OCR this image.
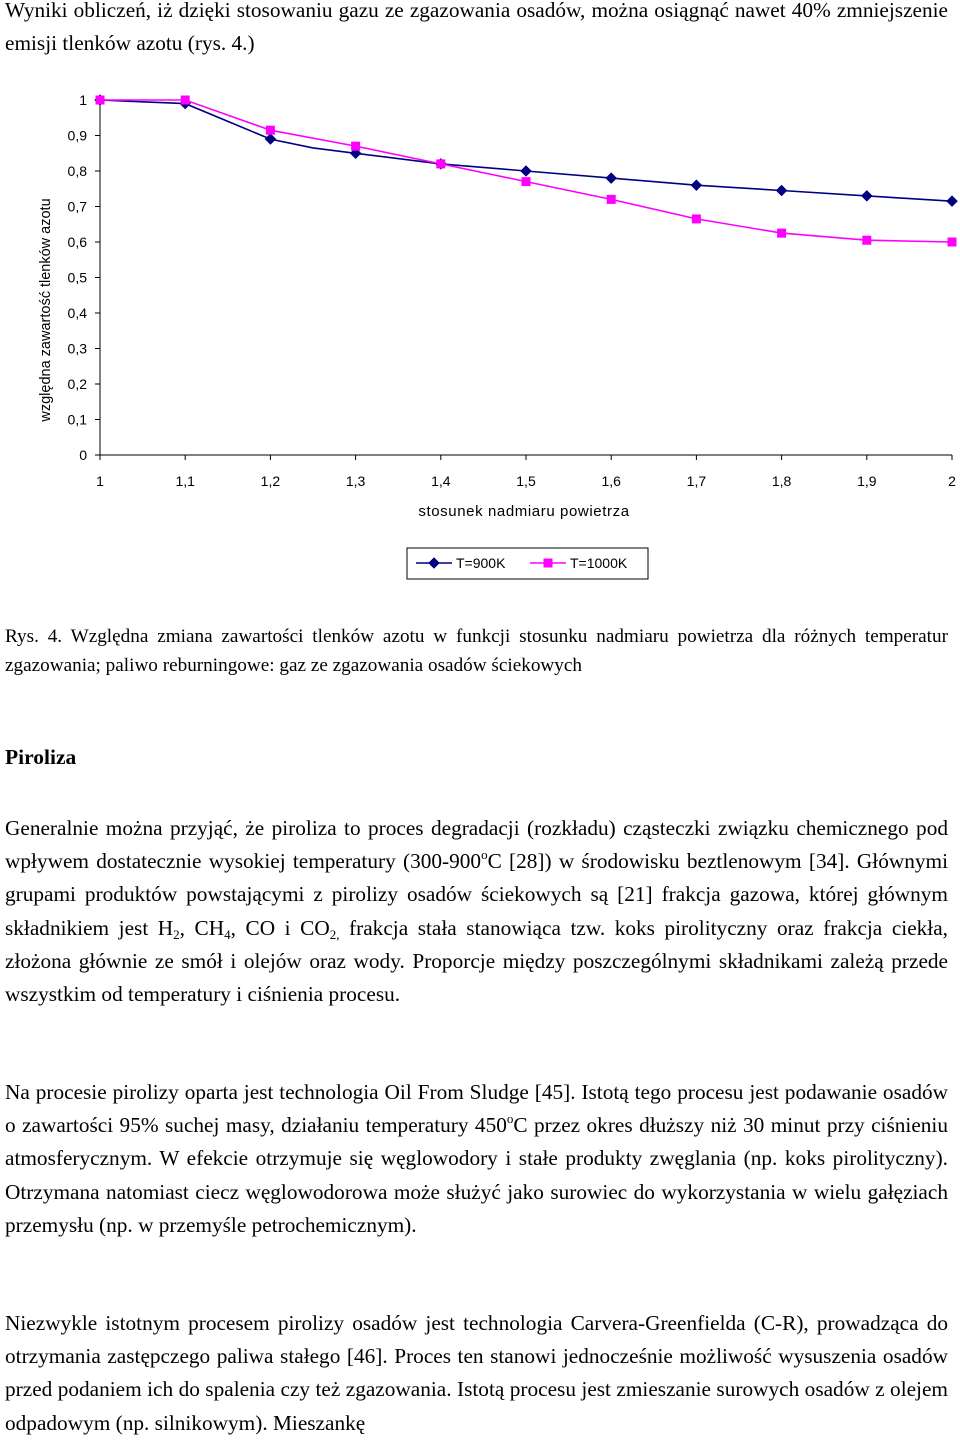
Wyniki obliczeń, iż dzięki stosowaniu gazu ze zgazowania osadów, można osiągnąć nawet 40% zmniejszenie emisji tlenków azotu (rys. 4.)

0
0,1
0,2
0,3
0,4
0,5
0,6
0,7
0,8
0,9
1
1	1,1	1,2	1,3	1,4	1,5	1,6	1,7	1,8	1,9	2
względna zawartość tlenków azotu
stosunek nadmiaru powietrza
T=900K	T=1000K

Rys. 4. Względna zmiana zawartości tlenków azotu w funkcji stosunku nadmiaru powietrza dla różnych temperatur zgazowania; paliwo reburningowe: gaz ze zgazowania osadów ściekowych

Piroliza

Generalnie można przyjąć, że piroliza to proces degradacji (rozkładu) cząsteczki związku chemicznego pod wpływem dostatecznie wysokiej temperatury (300-900$^o$C [28]) w środowisku beztlenowym [34]. Głównymi grupami produktów powstającymi z pirolizy osadów ściekowych są [21] frakcja gazowa, której głównym składnikiem jest $H_2$, $CH_4$, CO i $CO_{2,}$ frakcja stała stanowiąca tzw. koks pirolityczny oraz frakcja ciekła, złożona głównie ze smół i olejów oraz wody. Proporcje między poszczególnymi składnikami zależą przede wszystkim od temperatury i ciśnienia procesu.

Na procesie pirolizy oparta jest technologia Oil From Sludge [45]. Istotą tego procesu jest podawanie osadów o zawartości 95% suchej masy, działaniu temperatury 450$^o$C przez okres dłuższy niż 30 minut przy ciśnieniu atmosferycznym. W efekcie otrzymuje się węglowodory i stałe produkty zwęglania (np. koks pirolityczny). Otrzymana natomiast ciecz węglowodorowa może służyć jako surowiec do wykorzystania w wielu gałęziach przemysłu (np. w przemyśle petrochemicznym).

Niezwykle istotnym procesem pirolizy osadów jest technologia Carvera-Greenfielda (C-R), prowadząca do otrzymania zastępczego paliwa stałego [46]. Proces ten stanowi jednocześnie możliwość wysuszenia osadów przed podaniem ich do spalenia czy też zgazowania. Istotą procesu jest zmieszanie surowych osadów z olejem odpadowym (np. silnikowym). Mieszankę
